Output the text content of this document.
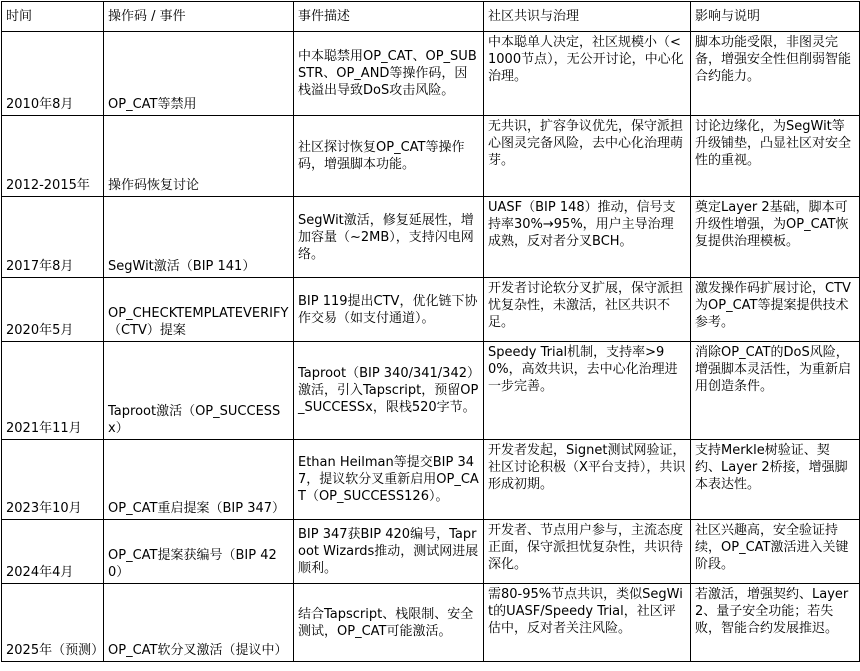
时间	操作码 / 事件	事件描述	社区共识与治理	影响与说明
2010年8月	OP_CAT等禁用	中本聪禁用OP_CAT、OP_SUBSTR、OP_AND等操作码，因栈溢出导致DoS攻击风险。	中本聪单人决定，社区规模小（<1000节点），无公开讨论，中心化治理。	脚本功能受限，非图灵完备，增强安全性但削弱智能合约能力。
2012-2015年	操作码恢复讨论	社区探讨恢复OP_CAT等操作码，增强脚本功能。	无共识，扩容争议优先，保守派担心图灵完备风险，去中心化治理萌芽。	讨论边缘化，为SegWit等升级铺垫，凸显社区对安全性的重视。
2017年8月	SegWit激活（BIP 141）	SegWit激活，修复延展性，增加容量（~2MB），支持闪电网络。	UASF（BIP 148）推动，信号支持率30%→95%，用户主导治理成熟，反对者分叉BCH。	奠定Layer 2基础，脚本可升级性增强，为OP_CAT恢复提供治理模板。
2020年5月	OP_CHECKTEMPLATEVERIFY（CTV）提案	BIP 119提出CTV，优化链下协作交易（如支付通道）。	开发者讨论软分叉扩展，保守派担忧复杂性，未激活，社区共识不足。	激发操作码扩展讨论，CTV为OP_CAT等提案提供技术参考。
2021年11月	Taproot激活（OP_SUCCESSx）	Taproot（BIP 340/341/342）激活，引入Tapscript，预留OP_SUCCESSx，限栈520字节。	Speedy Trial机制，支持率>90%，高效共识，去中心化治理进一步完善。	消除OP_CAT的DoS风险，增强脚本灵活性，为重新启用创造条件。
2023年10月	OP_CAT重启提案（BIP 347）	Ethan Heilman等提交BIP 347，提议软分叉重新启用OP_CAT（OP_SUCCESS126）。	开发者发起，Signet测试网验证，社区讨论积极（X平台支持），共识形成初期。	支持Merkle树验证、契约、Layer 2桥接，增强脚本表达性。
2024年4月	OP_CAT提案获编号（BIP 420）	BIP 347获BIP 420编号，Taproot Wizards推动，测试网进展顺利。	开发者、节点用户参与，主流态度正面，保守派担忧复杂性，共识待深化。	社区兴趣高，安全验证持续，OP_CAT激活进入关键阶段。
2025年（预测）	OP_CAT软分叉激活（提议中）	结合Tapscript、栈限制、安全测试，OP_CAT可能激活。	需80-95%节点共识，类似SegWit的UASF/Speedy Trial，社区评估中，反对者关注风险。	若激活，增强契约、Layer 2、量子安全功能；若失败，智能合约发展推迟。
